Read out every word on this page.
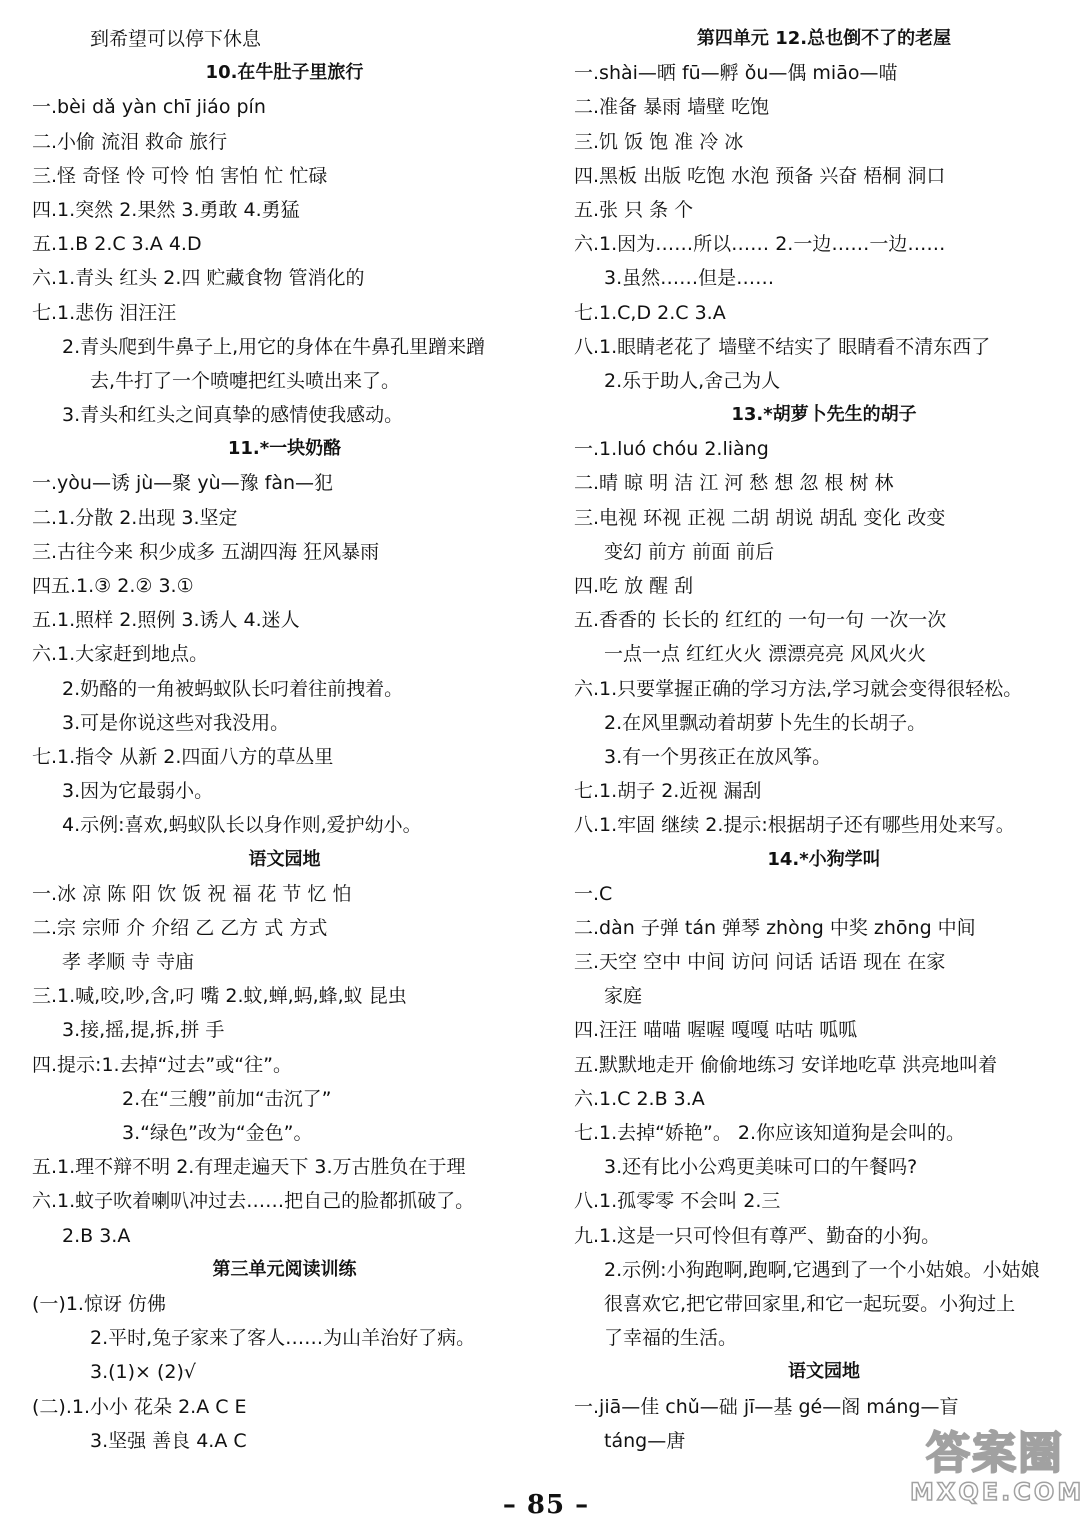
到希望可以停下休息
10.在牛肚子里旅行
一.bèi dǎ yàn chī jiáo pín
二.小偷 流泪 救命 旅行
三.怪 奇怪 怜 可怜 怕 害怕 忙 忙碌
四.1.突然 2.果然 3.勇敢 4.勇猛
五.1.B 2.C 3.A 4.D
六.1.青头 红头 2.四 贮藏食物 管消化的
七.1.悲伤 泪汪汪
2.青头爬到牛鼻子上,用它的身体在牛鼻孔里蹭来蹭
去,牛打了一个喷嚏把红头喷出来了。
3.青头和红头之间真挚的感情使我感动。
11.*一块奶酪
一.yòu—诱 jù—聚 yù—豫 fàn—犯
二.1.分散 2.出现 3.坚定
三.古往今来 积少成多 五湖四海 狂风暴雨
四五.1.③ 2.② 3.①
五.1.照样 2.照例 3.诱人 4.迷人
六.1.大家赶到地点。
2.奶酪的一角被蚂蚁队长叼着往前拽着。
3.可是你说这些对我没用。
七.1.指令 从新 2.四面八方的草丛里
3.因为它最弱小。
4.示例:喜欢,蚂蚁队长以身作则,爱护幼小。
语文园地
一.冰 凉 陈 阳 饮 饭 祝 福 花 节 忆 怕
二.宗 宗师 介 介绍 乙 乙方 式 方式
孝 孝顺 寺 寺庙
三.1.喊,咬,吵,含,叼 嘴 2.蚊,蝉,蚂,蜂,蚁 昆虫
3.接,摇,提,拆,拼 手
四.提示:1.去掉“过去”或“往”。
2.在“三艘”前加“击沉了”
3.“绿色”改为“金色”。
五.1.理不辩不明 2.有理走遍天下 3.万古胜负在于理
六.1.蚊子吹着喇叭冲过去……把自己的脸都抓破了。
2.B 3.A
第三单元阅读训练
(一)1.惊讶 仿佛
2.平时,兔子家来了客人……为山羊治好了病。
3.(1)× (2)√
(二).1.小小 花朵 2.A C E
3.坚强 善良 4.A C
第四单元 12.总也倒不了的老屋
一.shài—晒 fū—孵 ǒu—偶 miāo—喵
二.准备 暴雨 墙壁 吃饱
三.饥 饭 饱 准 冷 冰
四.黑板 出版 吃饱 水泡 预备 兴奋 梧桐 洞口
五.张 只 条 个
六.1.因为……所以…… 2.一边……一边……
3.虽然……但是……
七.1.C,D 2.C 3.A
八.1.眼睛老花了 墙壁不结实了 眼睛看不清东西了
2.乐于助人,舍己为人
13.*胡萝卜先生的胡子
一.1.luó chóu 2.liàng
二.晴 晾 明 洁 江 河 愁 想 忽 根 树 林
三.电视 环视 正视 二胡 胡说 胡乱 变化 改变
变幻 前方 前面 前后
四.吃 放 醒 刮
五.香香的 长长的 红红的 一句一句 一次一次
一点一点 红红火火 漂漂亮亮 风风火火
六.1.只要掌握正确的学习方法,学习就会变得很轻松。
2.在风里飘动着胡萝卜先生的长胡子。
3.有一个男孩正在放风筝。
七.1.胡子 2.近视 漏刮
八.1.牢固 继续 2.提示:根据胡子还有哪些用处来写。
14.*小狗学叫
一.C
二.dàn 子弹 tán 弹琴 zhòng 中奖 zhōng 中间
三.天空 空中 中间 访问 问话 话语 现在 在家
家庭
四.汪汪 喵喵 喔喔 嘎嘎 咕咕 呱呱
五.默默地走开 偷偷地练习 安详地吃草 洪亮地叫着
六.1.C 2.B 3.A
七.1.去掉“娇艳”。 2.你应该知道狗是会叫的。
3.还有比小公鸡更美味可口的午餐吗?
八.1.孤零零 不会叫 2.三
九.1.这是一只可怜但有尊严、勤奋的小狗。
2.示例:小狗跑啊,跑啊,它遇到了一个小姑娘。小姑娘
很喜欢它,把它带回家里,和它一起玩耍。小狗过上
了幸福的生活。
语文园地
一.jiā—佳 chǔ—础 jī—基 gé—阁 máng—盲
táng—唐
– 85 –
答案圈
MXQE.COM
